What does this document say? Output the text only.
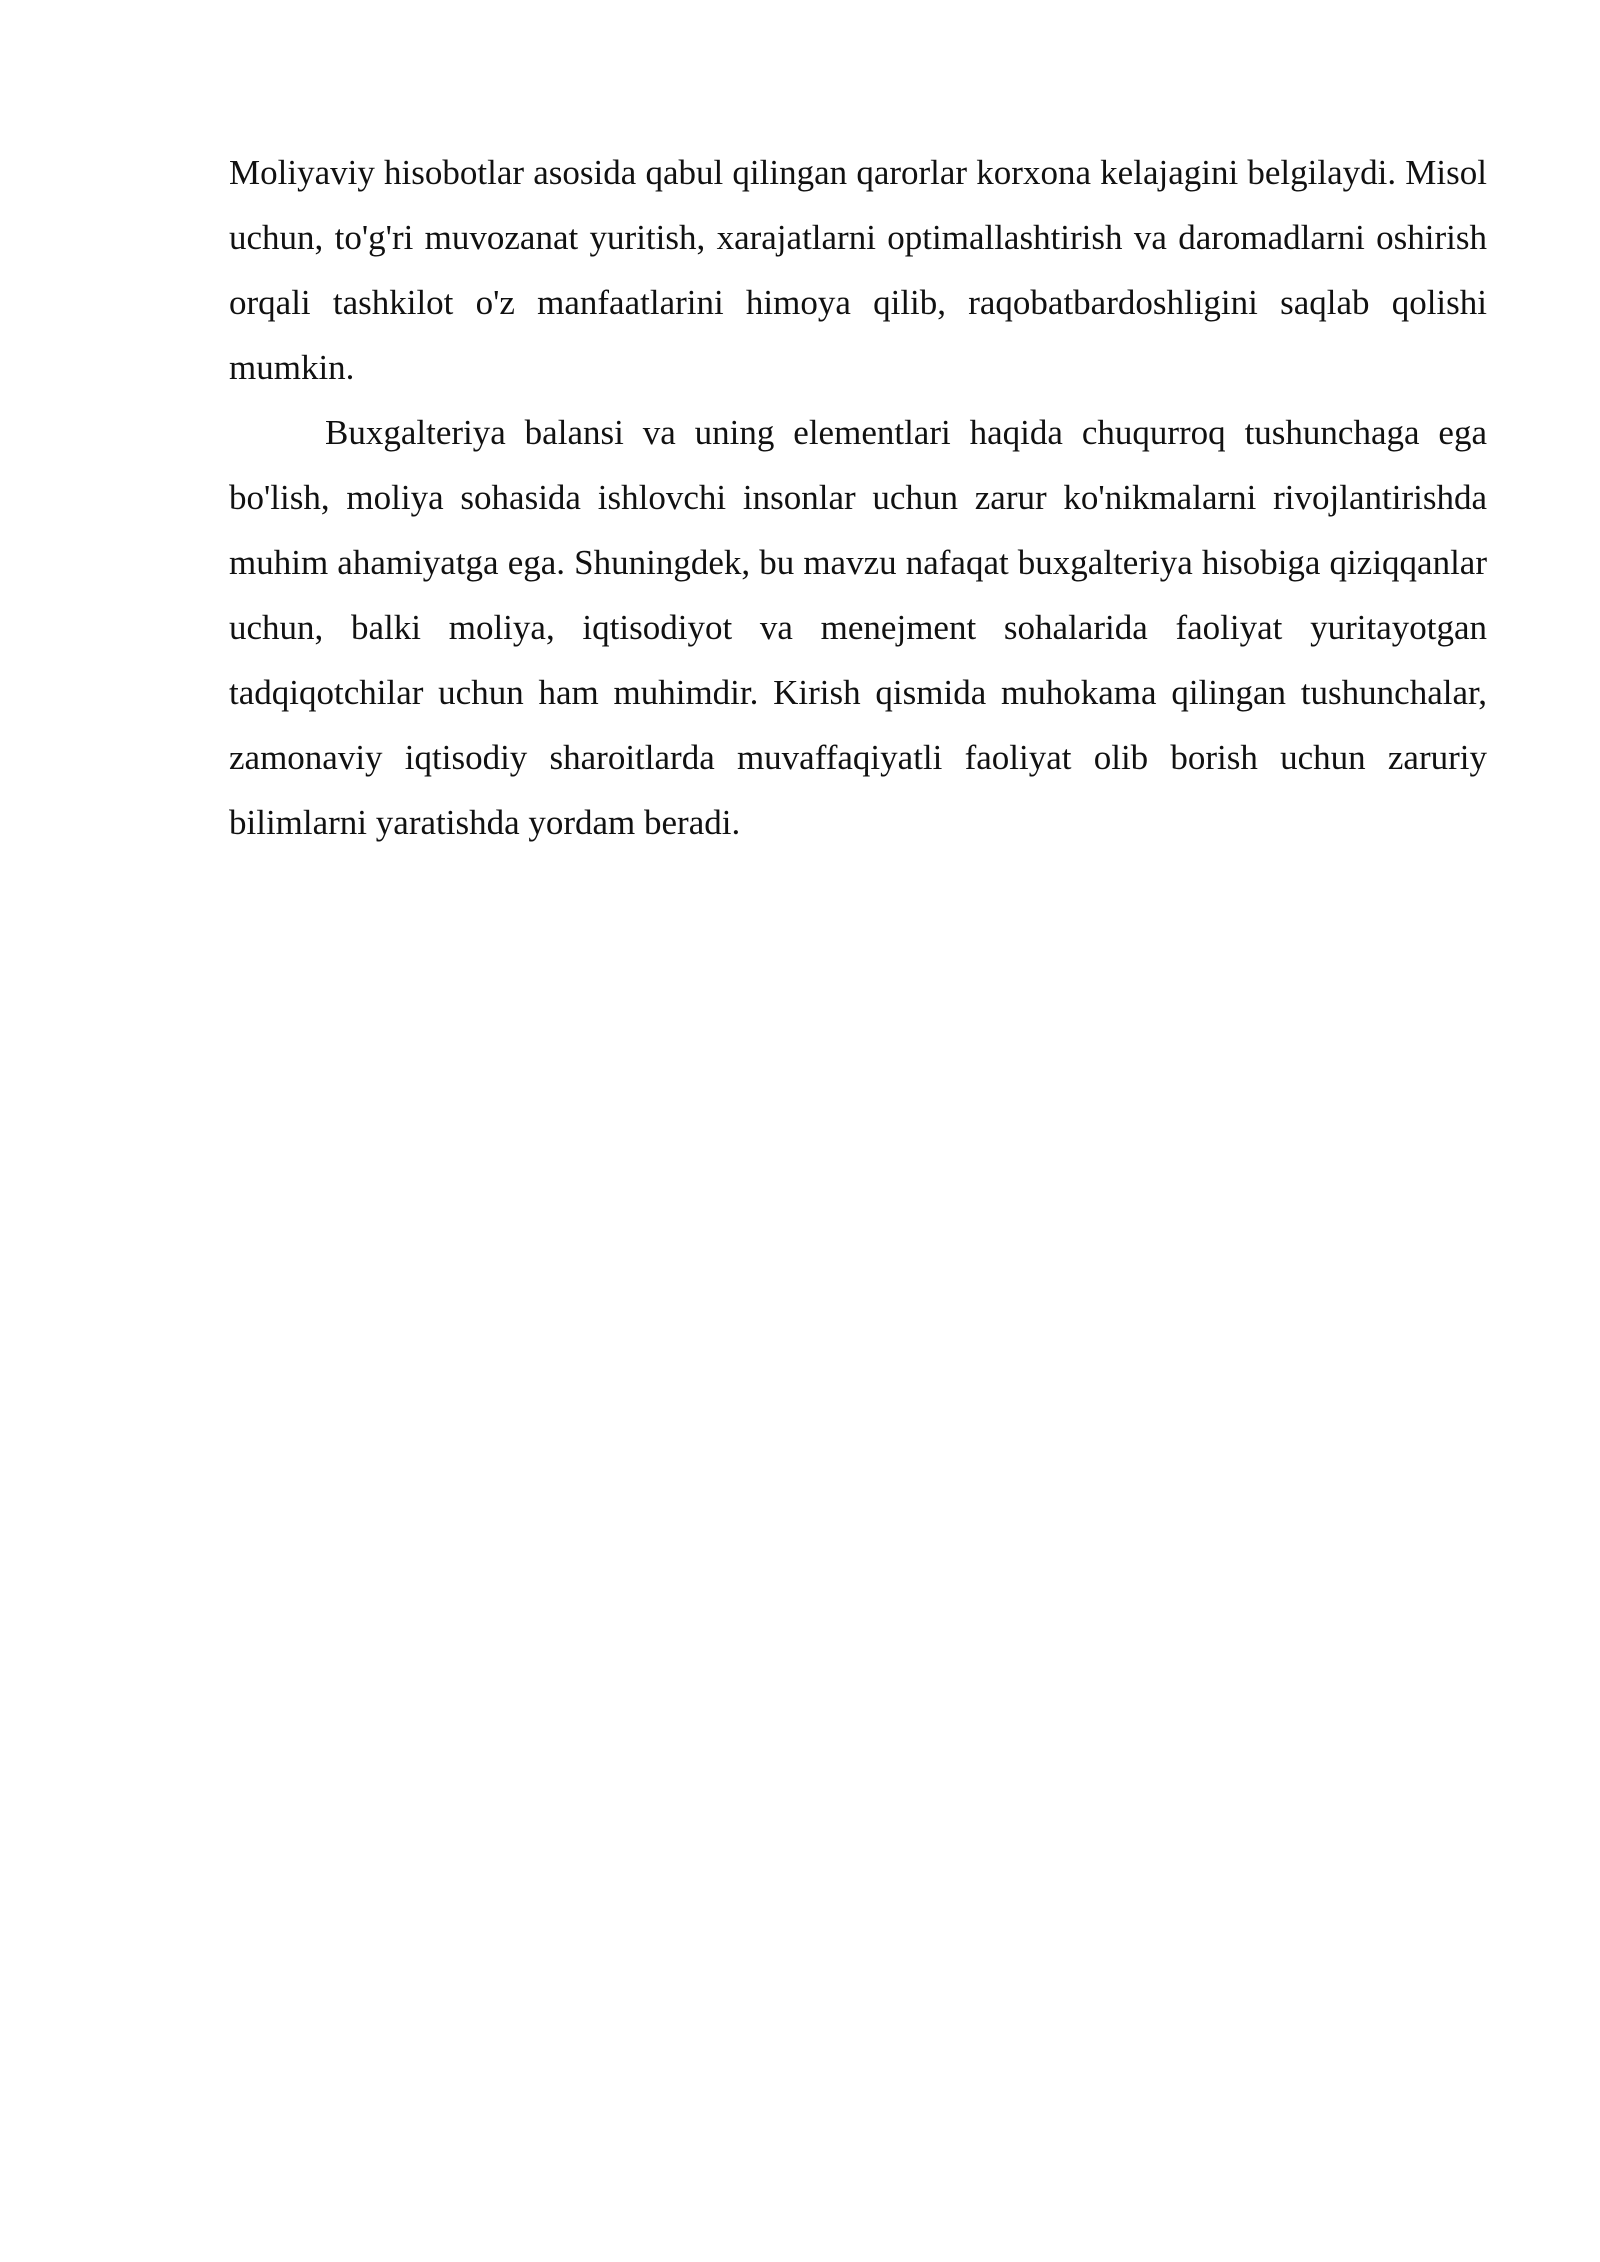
Moliyaviy hisobotlar asosida qabul qilingan qarorlar korxona kelajagini belgilaydi. Misol uchun, to'g'ri muvozanat yuritish, xarajatlarni optimallashtirish va daromadlarni oshirish orqali tashkilot o'z manfaatlarini himoya qilib, raqobatbardoshligini saqlab qolishi mumkin.

Buxgalteriya balansi va uning elementlari haqida chuqurroq tushunchaga ega bo'lish, moliya sohasida ishlovchi insonlar uchun zarur ko'nikmalarni rivojlantirishda muhim ahamiyatga ega. Shuningdek, bu mavzu nafaqat buxgalteriya hisobiga qiziqqanlar uchun, balki moliya, iqtisodiyot va menejment sohalarida faoliyat yuritayotgan tadqiqotchilar uchun ham muhimdir. Kirish qismida muhokama qilingan tushunchalar, zamonaviy iqtisodiy sharoitlarda muvaffaqiyatli faoliyat olib borish uchun zaruriy bilimlarni yaratishda yordam beradi.
